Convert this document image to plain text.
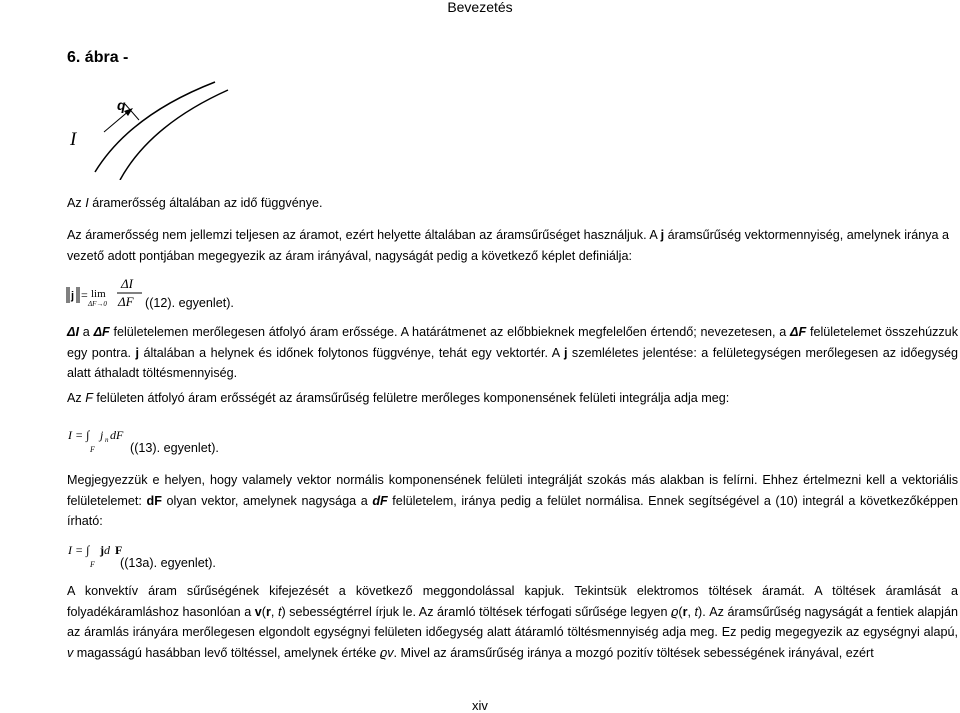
Bevezetés
6. ábra -
I
q

Az I áramerősség általában az idő függvénye.

Az áramerősség nem jellemzi teljesen az áramot, ezért helyette általában az áramsűrűséget használjuk. A j áramsűrűség vektormennyiség, amelynek iránya a vezető adott pontjában megegyezik az áram irányával, nagyságát pedig a következő képlet definiálja:

j = lim
ΔF→0
ΔI
ΔF ((12). egyenlet).

ΔI a ΔF felületelemen merőlegesen átfolyó áram erőssége. A határátmenet az előbbieknek megfelelően értendő; nevezetesen, a ΔF felületelemet összehúzzuk egy pontra. j általában a helynek és időnek folytonos függvénye, tehát egy vektortér. A j szemléletes jelentése: a felületegységen merőlegesen az időegység alatt áthaladt töltésmennyiség.

Az F felületen átfolyó áram erősségét az áramsűrűség felületre merőleges komponensének felületi integrálja adja meg:

I = ∫
F
j n dF
((13). egyenlet).

Megjegyezzük e helyen, hogy valamely vektor normális komponensének felületi integrálját szokás más alakban is felírni. Ehhez értelmezni kell a vektoriális felületelemet: dF olyan vektor, amelynek nagysága a dF felületelem, iránya pedig a felület normálisa. Ennek segítségével a (10) integrál a következőképpen írható:

I = ∫
F
j d F
((13a). egyenlet).

A konvektív áram sűrűségének kifejezését a következő meggondolással kapjuk. Tekintsük elektromos töltések áramát. A töltések áramlását a folyadékáramláshoz hasonlóan a v(r, t) sebességtérrel írjuk le. Az áramló töltések térfogati sűrűsége legyen ϱ(r, t). Az áramsűrűség nagyságát a fentiek alapján az áramlás irányára merőlegesen elgondolt egységnyi felületen időegység alatt átáramló töltésmennyiség adja meg. Ez pedig megegyezik az egységnyi alapú, v magasságú hasábban levő töltéssel, amelynek értéke ϱv. Mivel az áramsűrűség iránya a mozgó pozitív töltések sebességének irányával, ezért

xiv
